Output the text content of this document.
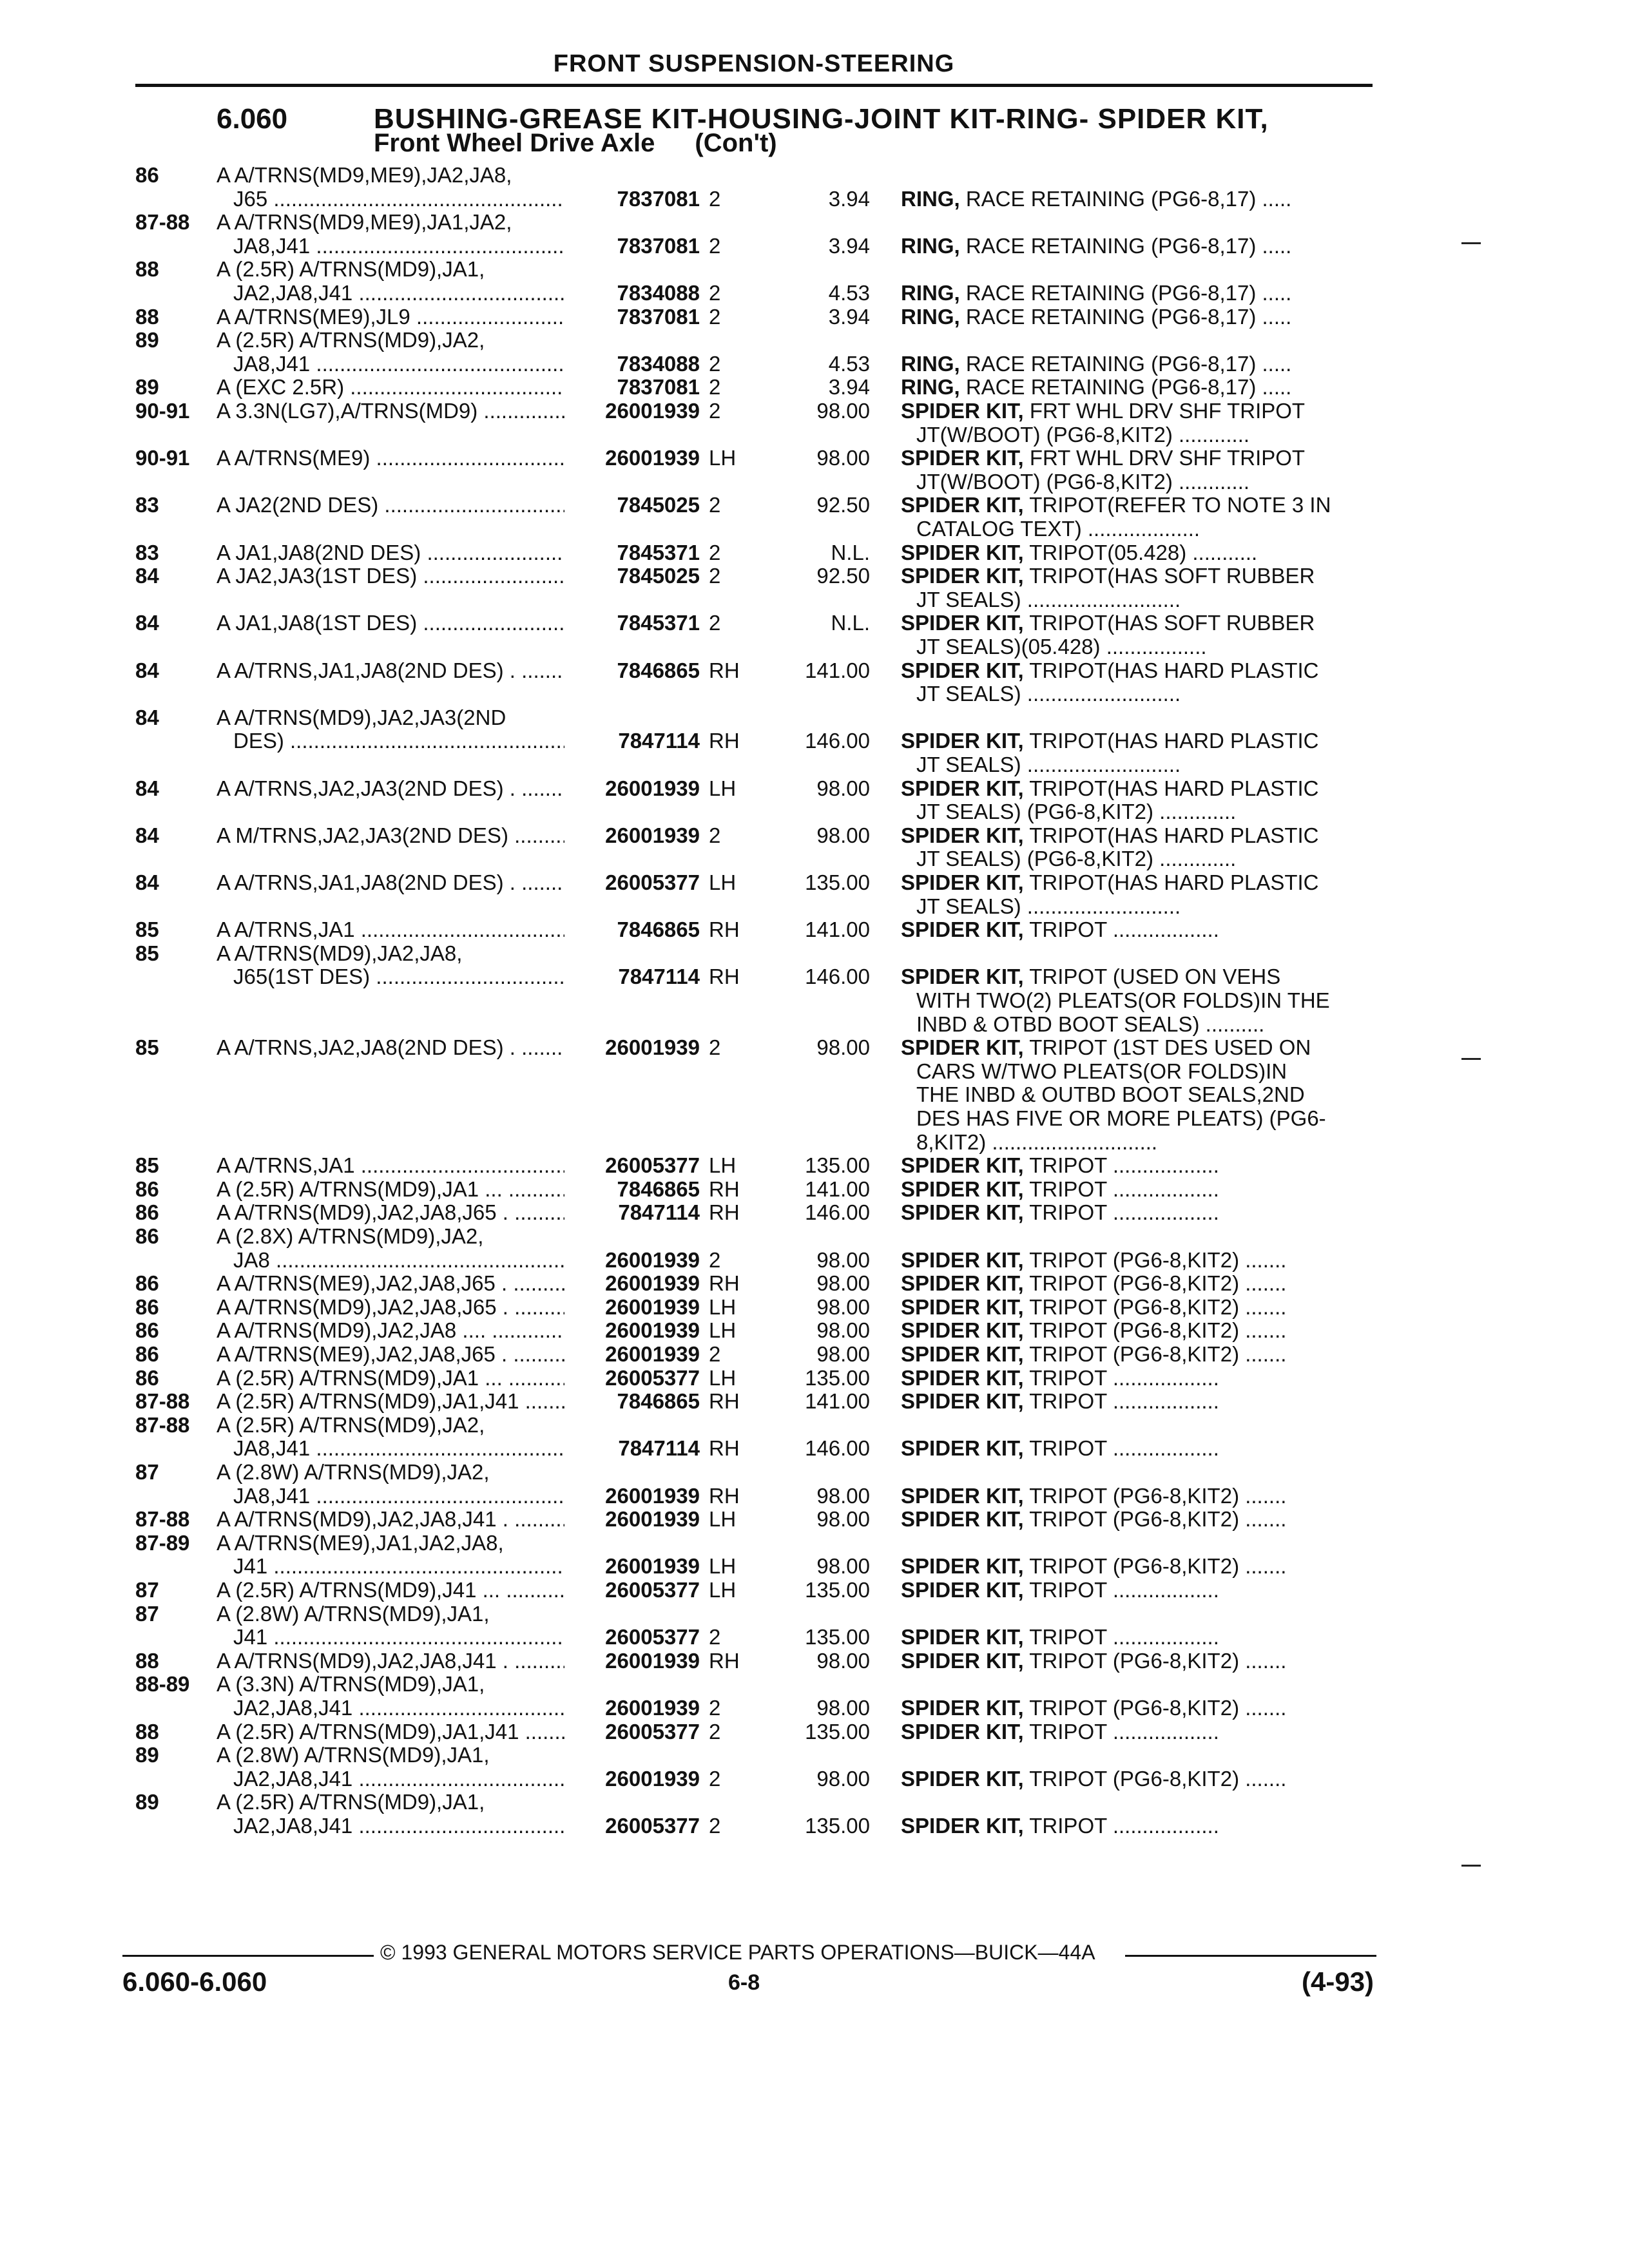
FRONT SUSPENSION-STEERING
6.060	BUSHING-GREASE KIT-HOUSING-JOINT KIT-RING- SPIDER KIT,
Front Wheel Drive Axle (Con't)
86	A A/TRNS(MD9,ME9),JA2,JA8,
J65 .....	7837081 2	3.94 RING, RACE RETAINING (PG6-8,17) .....
87-88	A A/TRNS(MD9,ME9),JA1,JA2,
JA8,J41 .....	7837081 2	3.94 RING, RACE RETAINING (PG6-8,17) .....
88	A (2.5R) A/TRNS(MD9),JA1,
JA2,JA8,J41 .....	7834088 2	4.53 RING, RACE RETAINING (PG6-8,17) .....
88	A A/TRNS(ME9),JL9 .....	7837081 2	3.94 RING, RACE RETAINING (PG6-8,17) .....
89	A (2.5R) A/TRNS(MD9),JA2,
JA8,J41 .....	7834088 2	4.53 RING, RACE RETAINING (PG6-8,17) .....
89	A (EXC 2.5R) .....	7837081 2	3.94 RING, RACE RETAINING (PG6-8,17) .....
90-91	A 3.3N(LG7),A/TRNS(MD9) .....	26001939 2	98.00 SPIDER KIT, FRT WHL DRV SHF TRIPOT
JT(W/BOOT) (PG6-8,KIT2) ............
90-91	A A/TRNS(ME9) .....	26001939 LH	98.00 SPIDER KIT, FRT WHL DRV SHF TRIPOT
JT(W/BOOT) (PG6-8,KIT2) ............
83	A JA2(2ND DES) .....	7845025 2	92.50 SPIDER KIT, TRIPOT(REFER TO NOTE 3 IN
CATALOG TEXT) ...................
83	A JA1,JA8(2ND DES) .....	7845371 2	N.L. SPIDER KIT, TRIPOT(05.428) ...........
84	A JA2,JA3(1ST DES) .....	7845025 2	92.50 SPIDER KIT, TRIPOT(HAS SOFT RUBBER
JT SEALS) ..........................
84	A JA1,JA8(1ST DES) .....	7845371 2	N.L. SPIDER KIT, TRIPOT(HAS SOFT RUBBER
JT SEALS)(05.428) .................
84	A A/TRNS,JA1,JA8(2ND DES) . .....	7846865 RH	141.00 SPIDER KIT, TRIPOT(HAS HARD PLASTIC
JT SEALS) ..........................
84	A A/TRNS(MD9),JA2,JA3(2ND
DES) .....	7847114 RH	146.00 SPIDER KIT, TRIPOT(HAS HARD PLASTIC
JT SEALS) ..........................
84	A A/TRNS,JA2,JA3(2ND DES) . .....	26001939 LH	98.00 SPIDER KIT, TRIPOT(HAS HARD PLASTIC
JT SEALS) (PG6-8,KIT2) .............
84	A M/TRNS,JA2,JA3(2ND DES) .....	26001939 2	98.00 SPIDER KIT, TRIPOT(HAS HARD PLASTIC
JT SEALS) (PG6-8,KIT2) .............
84	A A/TRNS,JA1,JA8(2ND DES) . .....	26005377 LH	135.00 SPIDER KIT, TRIPOT(HAS HARD PLASTIC
JT SEALS) ..........................
85	A A/TRNS,JA1 .....	7846865 RH	141.00 SPIDER KIT, TRIPOT ..................
85	A A/TRNS(MD9),JA2,JA8,
J65(1ST DES) .....	7847114 RH	146.00 SPIDER KIT, TRIPOT (USED ON VEHS
WITH TWO(2) PLEATS(OR FOLDS)IN THE
INBD & OTBD BOOT SEALS) ..........
85	A A/TRNS,JA2,JA8(2ND DES) . .....	26001939 2	98.00 SPIDER KIT, TRIPOT (1ST DES USED ON
CARS W/TWO PLEATS(OR FOLDS)IN
THE INBD & OUTBD BOOT SEALS,2ND
DES HAS FIVE OR MORE PLEATS) (PG6-
8,KIT2) ............................
85	A A/TRNS,JA1 .....	26005377 LH	135.00 SPIDER KIT, TRIPOT ..................
86	A (2.5R) A/TRNS(MD9),JA1 ... .....	7846865 RH	141.00 SPIDER KIT, TRIPOT ..................
86	A A/TRNS(MD9),JA2,JA8,J65 . .....	7847114 RH	146.00 SPIDER KIT, TRIPOT ..................
86	A (2.8X) A/TRNS(MD9),JA2,
JA8 .....	26001939 2	98.00 SPIDER KIT, TRIPOT (PG6-8,KIT2) .......
86	A A/TRNS(ME9),JA2,JA8,J65 . .....	26001939 RH	98.00 SPIDER KIT, TRIPOT (PG6-8,KIT2) .......
86	A A/TRNS(MD9),JA2,JA8,J65 . .....	26001939 LH	98.00 SPIDER KIT, TRIPOT (PG6-8,KIT2) .......
86	A A/TRNS(MD9),JA2,JA8 .... .....	26001939 LH	98.00 SPIDER KIT, TRIPOT (PG6-8,KIT2) .......
86	A A/TRNS(ME9),JA2,JA8,J65 . .....	26001939 2	98.00 SPIDER KIT, TRIPOT (PG6-8,KIT2) .......
86	A (2.5R) A/TRNS(MD9),JA1 ... .....	26005377 LH	135.00 SPIDER KIT, TRIPOT ..................
87-88	A (2.5R) A/TRNS(MD9),JA1,J41 .....	7846865 RH	141.00 SPIDER KIT, TRIPOT ..................
87-88	A (2.5R) A/TRNS(MD9),JA2,
JA8,J41 .....	7847114 RH	146.00 SPIDER KIT, TRIPOT ..................
87	A (2.8W) A/TRNS(MD9),JA2,
JA8,J41 .....	26001939 RH	98.00 SPIDER KIT, TRIPOT (PG6-8,KIT2) .......
87-88	A A/TRNS(MD9),JA2,JA8,J41 . .....	26001939 LH	98.00 SPIDER KIT, TRIPOT (PG6-8,KIT2) .......
87-89	A A/TRNS(ME9),JA1,JA2,JA8,
J41 .....	26001939 LH	98.00 SPIDER KIT, TRIPOT (PG6-8,KIT2) .......
87	A (2.5R) A/TRNS(MD9),J41 ... .....	26005377 LH	135.00 SPIDER KIT, TRIPOT ..................
87	A (2.8W) A/TRNS(MD9),JA1,
J41 .....	26005377 2	135.00 SPIDER KIT, TRIPOT ..................
88	A A/TRNS(MD9),JA2,JA8,J41 . .....	26001939 RH	98.00 SPIDER KIT, TRIPOT (PG6-8,KIT2) .......
88-89	A (3.3N) A/TRNS(MD9),JA1,
JA2,JA8,J41 .....	26001939 2	98.00 SPIDER KIT, TRIPOT (PG6-8,KIT2) .......
88	A (2.5R) A/TRNS(MD9),JA1,J41 .....	26005377 2	135.00 SPIDER KIT, TRIPOT ..................
89	A (2.8W) A/TRNS(MD9),JA1,
JA2,JA8,J41 .....	26001939 2	98.00 SPIDER KIT, TRIPOT (PG6-8,KIT2) .......
89	A (2.5R) A/TRNS(MD9),JA1,
JA2,JA8,J41 .....	26005377 2	135.00 SPIDER KIT, TRIPOT ..................
© 1993 GENERAL MOTORS SERVICE PARTS OPERATIONS—BUICK—44A
6.060-6.060	6-8	(4-93)
